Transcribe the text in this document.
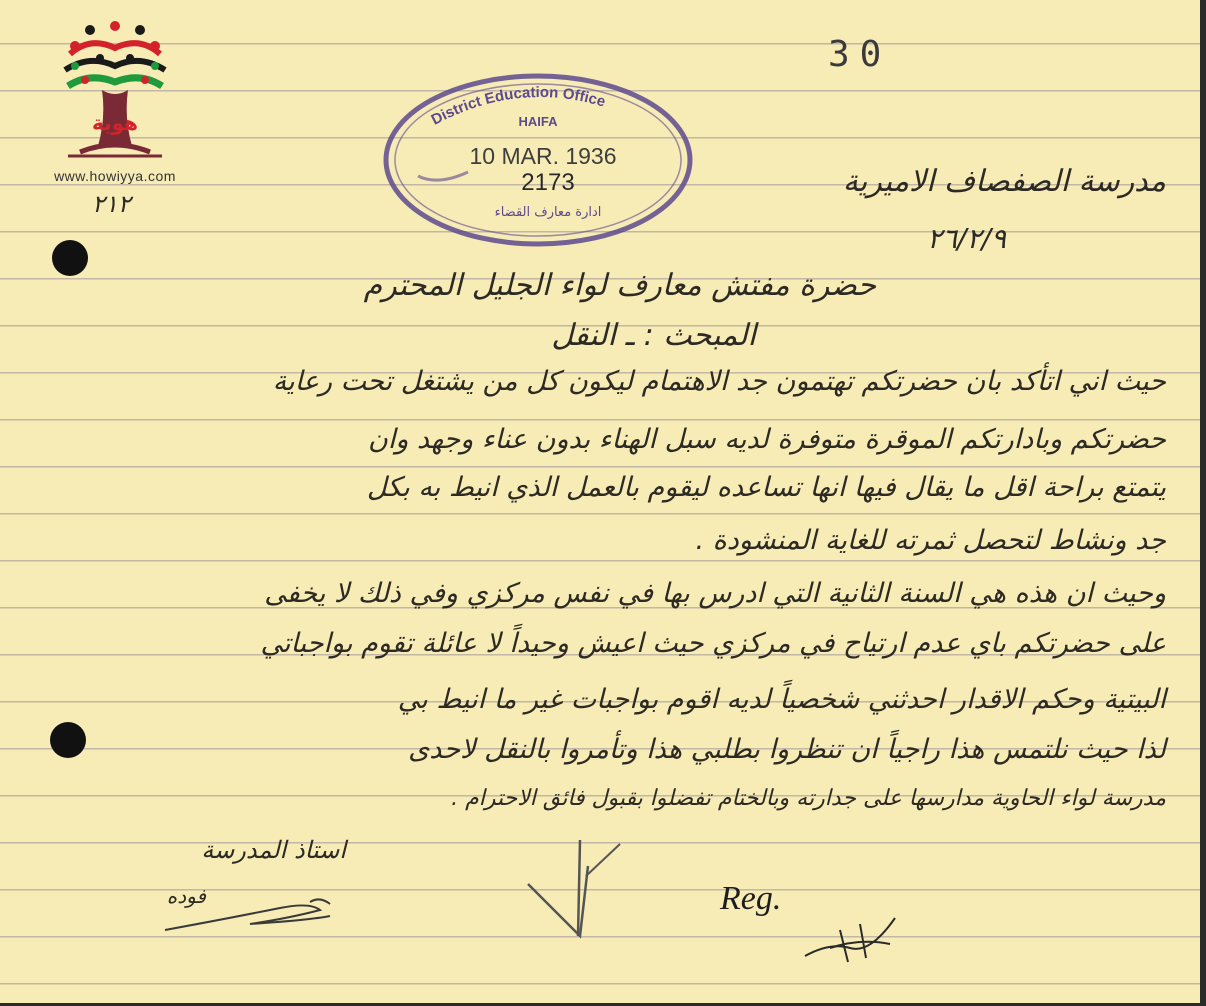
هوية
www.howiyya.com
30
District Education Office
HAIFA
10 MAR. 1936
2173
ادارة معارف القضاء
٢١٢
مدرسة الصفصاف الاميرية
٢٦/٢/٩
حضرة مفتش معارف لواء الجليل المحترم
المبحث : ـ النقل
حيث اني اتأكد بان حضرتكم تهتمون جد الاهتمام ليكون كل من يشتغل تحت رعاية
حضرتكم وبادارتكم الموقرة متوفرة لديه سبل الهناء بدون عناء وجهد وان
يتمتع براحة اقل ما يقال فيها انها تساعده ليقوم بالعمل الذي انيط به بكل
جد ونشاط لتحصل ثمرته للغاية المنشودة .
وحيث ان هذه هي السنة الثانية التي ادرس بها في نفس مركزي وفي ذلك لا يخفى
على حضرتكم باي عدم ارتياح في مركزي حيث اعيش وحيداً لا عائلة تقوم بواجباتي
البيتية وحكم الاقدار احدثني شخصياً لديه اقوم بواجبات غير ما انيط بي
لذا حيث نلتمس هذا راجياً ان تنظروا بطلبي هذا وتأمروا بالنقل لاحدى
مدرسة لواء الحاوية مدارسها على جدارته وبالختام تفضلوا بقبول فائق الاحترام .
استاذ المدرسة
فوده	Reg.
